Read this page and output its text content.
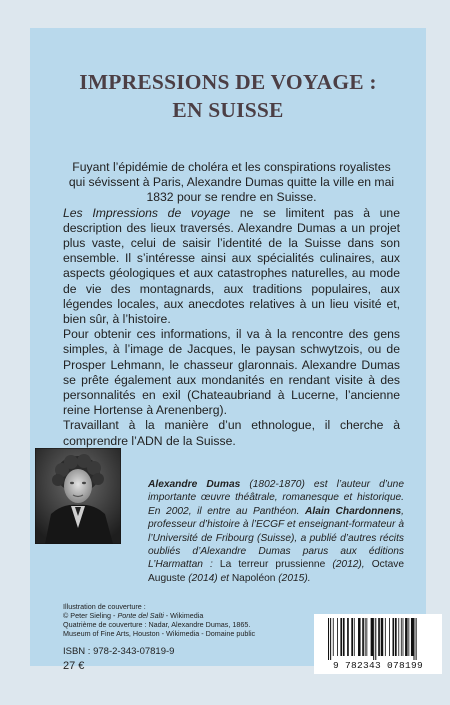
IMPRESSIONS DE VOYAGE :
EN SUISSE

Fuyant l’épidémie de choléra et les conspirations royalistes qui sévissent à Paris, Alexandre Dumas quitte la ville en mai 1832 pour se rendre en Suisse.

Les Impressions de voyage ne se limitent pas à une description des lieux traversés. Alexandre Dumas a un projet plus vaste, celui de saisir l’identité de la Suisse dans son ensemble. Il s’intéresse ainsi aux spécialités culinaires, aux aspects géologiques et aux catastrophes naturelles, au mode de vie des montagnards, aux traditions populaires, aux légendes locales, aux anecdotes relatives à un lieu visité et, bien sûr, à l’histoire.

Pour obtenir ces informations, il va à la rencontre des gens simples, à l’image de Jacques, le paysan schwytzois, ou de Prosper Lehmann, le chasseur glaronnais. Alexandre Dumas se prête également aux mondanités en rendant visite à des personnalités en exil (Chateaubriand à Lucerne, l’ancienne reine Hortense à Arenenberg).

Travaillant à la manière d’un ethnologue, il cherche à comprendre l’ADN de la Suisse.

Alexandre Dumas (1802-1870) est l’auteur d’une importante œuvre théâtrale, romanesque et historique. En 2002, il entre au Panthéon. Alain Chardonnens, professeur d’histoire à l’ECGF et enseignant-formateur à l’Université de Fribourg (Suisse), a publié d’autres récits oubliés d’Alexandre Dumas parus aux éditions L’Harmattan : La terreur prussienne (2012), Octave Auguste (2014) et Napoléon (2015).
Illustration de couverture :
© Peter Sieling - Ponte del Salti - Wikimedia
Quatrième de couverture : Nadar, Alexandre Dumas, 1865.
Museum of Fine Arts, Houston - Wikimedia - Domaine public
ISBN : 978-2-343-07819-9
27 €	9 782343 078199
